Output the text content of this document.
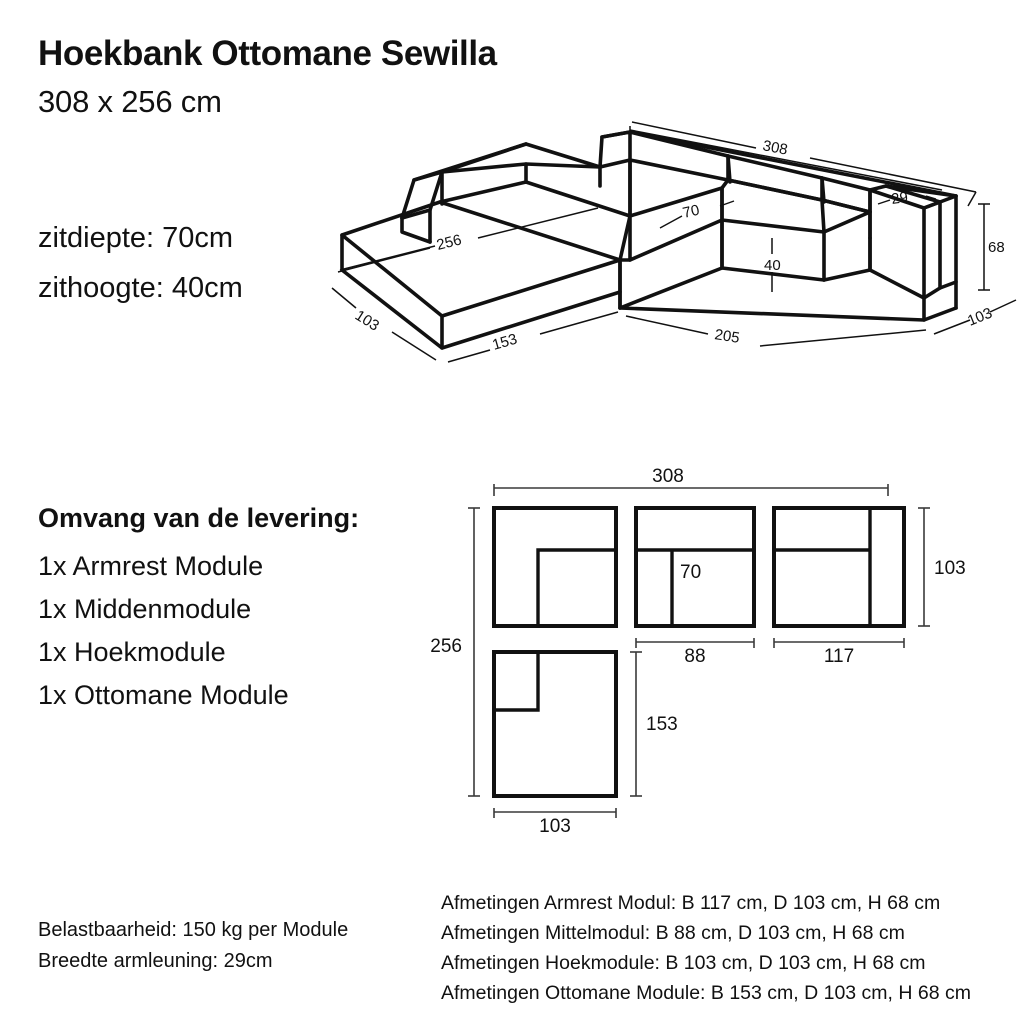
Hoekbank Ottomane Sewilla
308 x 256 cm
zitdiepte: 70cm
zithoogte: 40cm
Omvang van de levering:
1x Armrest Module
1x Middenmodule
1x Hoekmodule
1x Ottomane Module
Belastbaarheid: 150 kg per Module
Breedte armleuning: 29cm
Afmetingen Armrest Modul: B 117 cm, D 103 cm, H 68 cm
Afmetingen Mittelmodul: B 88 cm, D 103 cm, H 68 cm
Afmetingen Hoekmodule: B 103 cm, D 103 cm, H 68 cm
Afmetingen Ottomane Module: B 153 cm, D 103 cm, H 68 cm
256
308
68
103
153	205
103
70
29
40
308
256
70	103
88	117
153
103
